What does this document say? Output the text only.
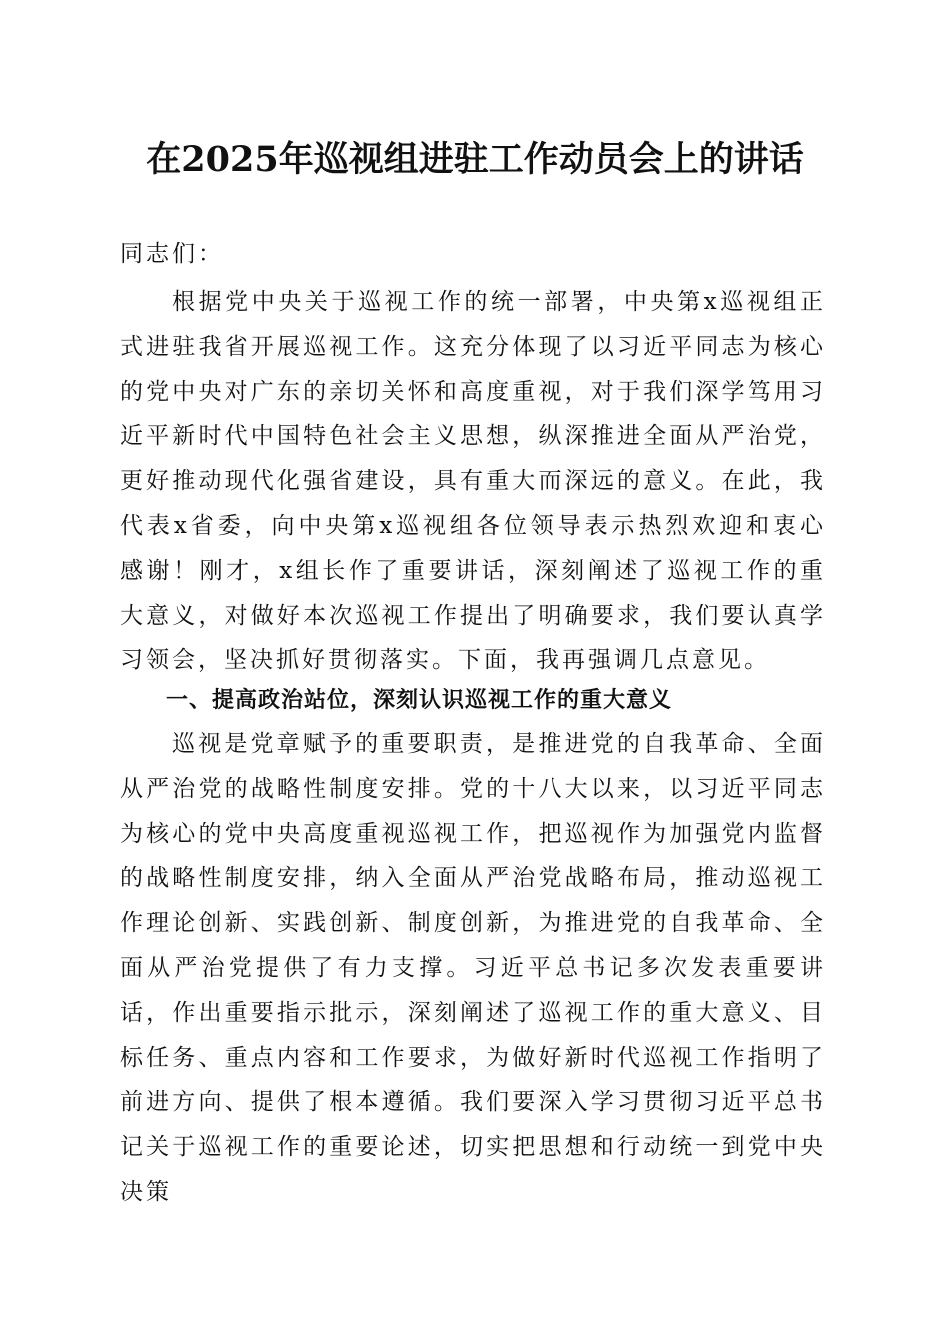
在2025年巡视组进驻工作动员会上的讲话
同志们：

根据党中央关于巡视工作的统一部署，中央第x巡视组正式进驻我省开展巡视工作。这充分体现了以习近平同志为核心的党中央对广东的亲切关怀和高度重视，对于我们深学笃用习近平新时代中国特色社会主义思想，纵深推进全面从严治党，更好推动现代化强省建设，具有重大而深远的意义。在此，我代表x省委，向中央第x巡视组各位领导表示热烈欢迎和衷心感谢！刚才，x组长作了重要讲话，深刻阐述了巡视工作的重大意义，对做好本次巡视工作提出了明确要求，我们要认真学习领会，坚决抓好贯彻落实。下面，我再强调几点意见。

一、提高政治站位，深刻认识巡视工作的重大意义

巡视是党章赋予的重要职责，是推进党的自我革命、全面从严治党的战略性制度安排。党的十八大以来，以习近平同志为核心的党中央高度重视巡视工作，把巡视作为加强党内监督的战略性制度安排，纳入全面从严治党战略布局，推动巡视工作理论创新、实践创新、制度创新，为推进党的自我革命、全面从严治党提供了有力支撑。习近平总书记多次发表重要讲话，作出重要指示批示，深刻阐述了巡视工作的重大意义、目标任务、重点内容和工作要求，为做好新时代巡视工作指明了前进方向、提供了根本遵循。我们要深入学习贯彻习近平总书记关于巡视工作的重要论述，切实把思想和行动统一到党中央决策
